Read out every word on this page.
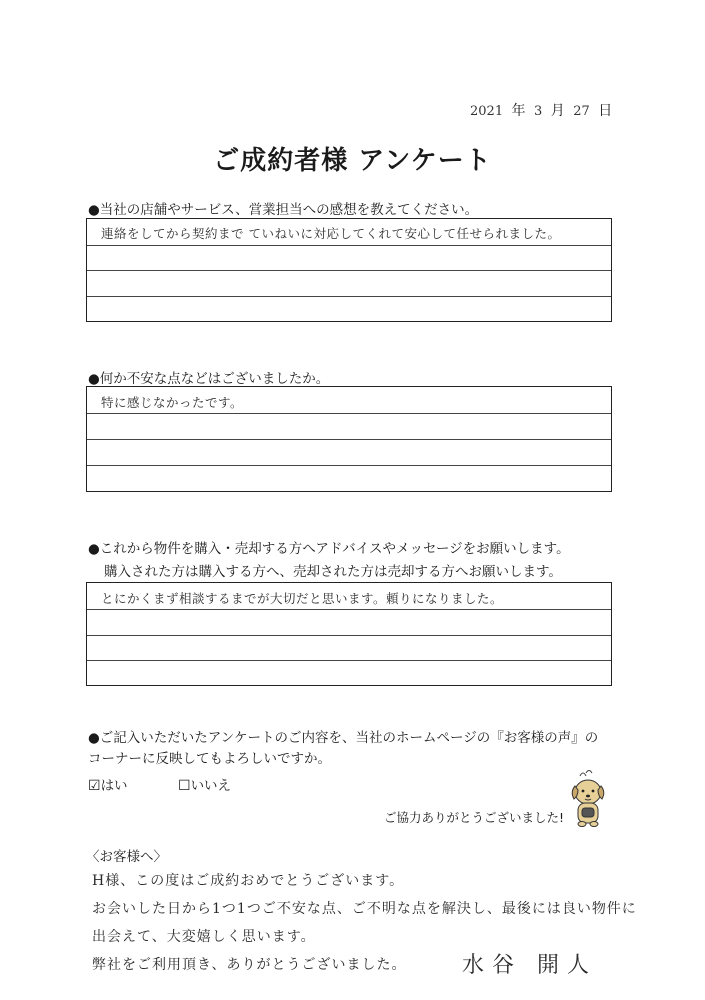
2021 年 3 月 27 日
ご成約者様 アンケート
●当社の店舗やサービス、営業担当への感想を教えてください。
連絡をしてから契約まで ていねいに対応してくれて安心して任せられました。
●何か不安な点などはございましたか。
特に感じなかったです。
●これから物件を購入・売却する方へアドバイスやメッセージをお願いします。
購入された方は購入する方へ、売却された方は売却する方へお願いします。
とにかくまず相談するまでが大切だと思います。頼りになりました。
●ご記入いただいたアンケートのご内容を、当社のホームページの『お客様の声』の
コーナーに反映してもよろしいですか。
☑はい	☐いいえ
ご協力ありがとうございました!
〈お客様へ〉
H様、この度はご成約おめでとうございます。
お会いした日から1つ1つご不安な点、ご不明な点を解決し、最後には良い物件に
出会えて、大変嬉しく思います。
弊社をご利用頂き、ありがとうございました。	水谷 開人
